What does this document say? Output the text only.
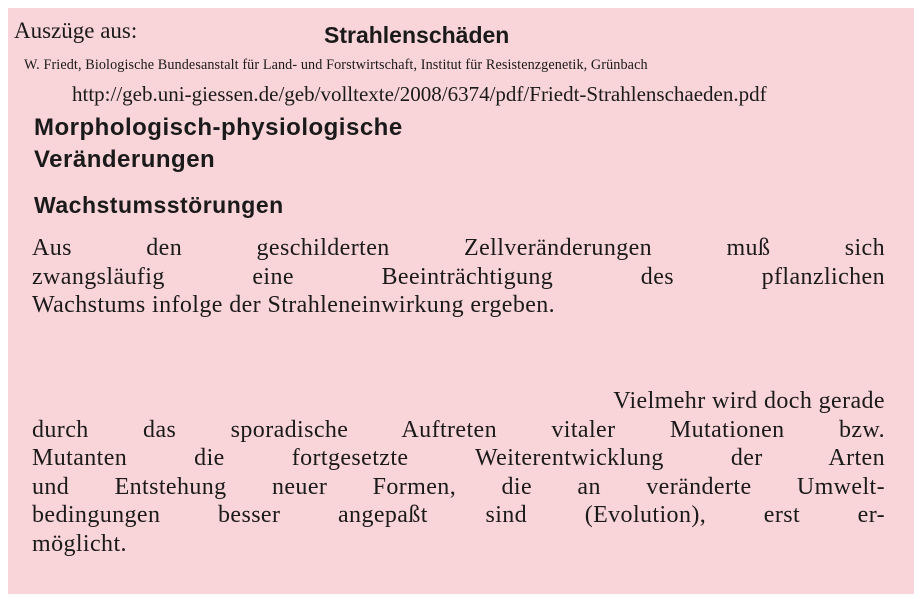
Auszüge aus:	Strahlenschäden
W. Friedt, Biologische Bundesanstalt für Land- und Forstwirtschaft, Institut für Resistenzgenetik, Grünbach
http://geb.uni-giessen.de/geb/volltexte/2008/6374/pdf/Friedt-Strahlenschaeden.pdf
Morphologisch-physiologische
Veränderungen
Wachstumsstörungen
Aus den geschilderten Zellveränderungen muß sich
zwangsläufig eine Beeinträchtigung des pflanzlichen
Wachstums infolge der Strahleneinwirkung ergeben.
Vielmehr wird doch gerade
durch das sporadische Auftreten vitaler Mutationen bzw.
Mutanten die fortgesetzte Weiterentwicklung der Arten
und Entstehung neuer Formen, die an veränderte Umwelt-
bedingungen besser angepaßt sind (Evolution), erst er-
möglicht.
